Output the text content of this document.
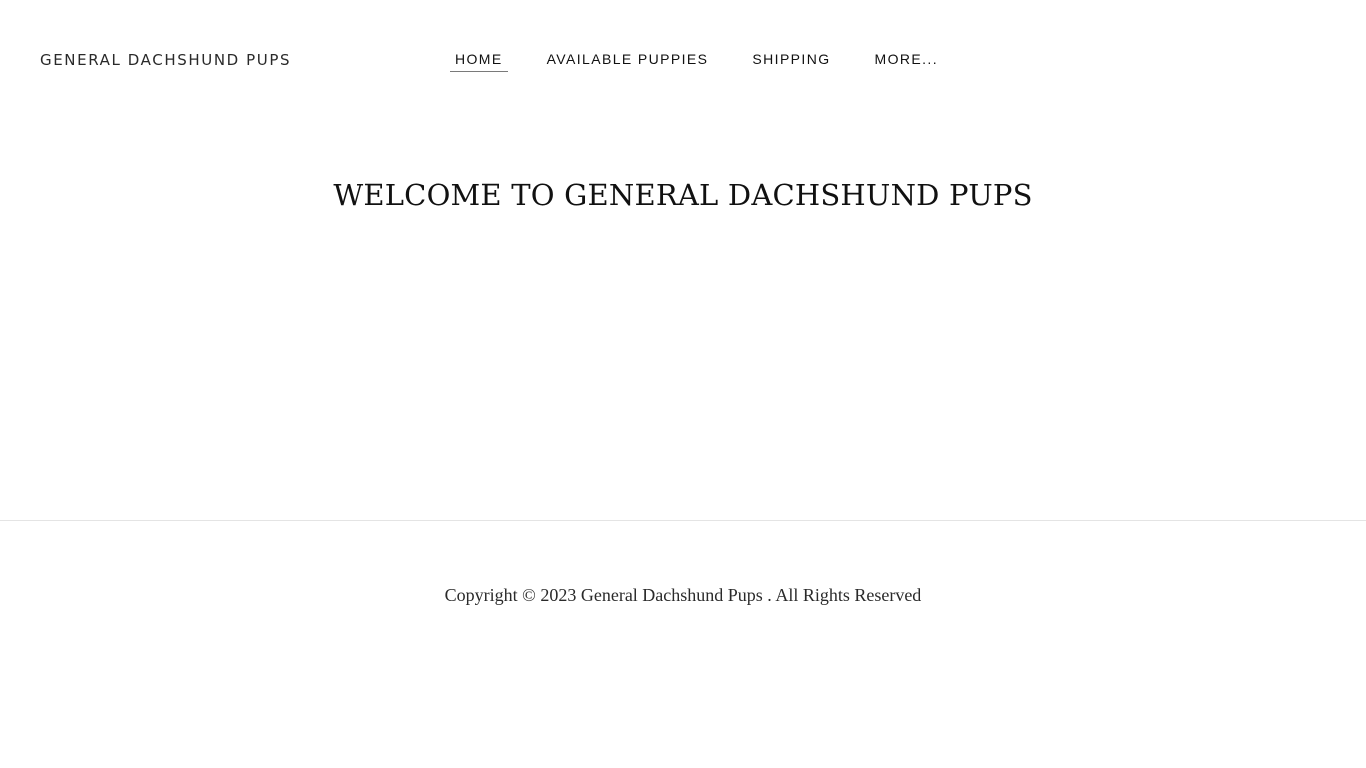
GENERAL DACHSHUND PUPS	HOME	AVAILABLE PUPPIES	SHIPPING	MORE...
WELCOME TO GENERAL DACHSHUND PUPS
Copyright © 2023 General Dachshund Pups . All Rights Reserved
